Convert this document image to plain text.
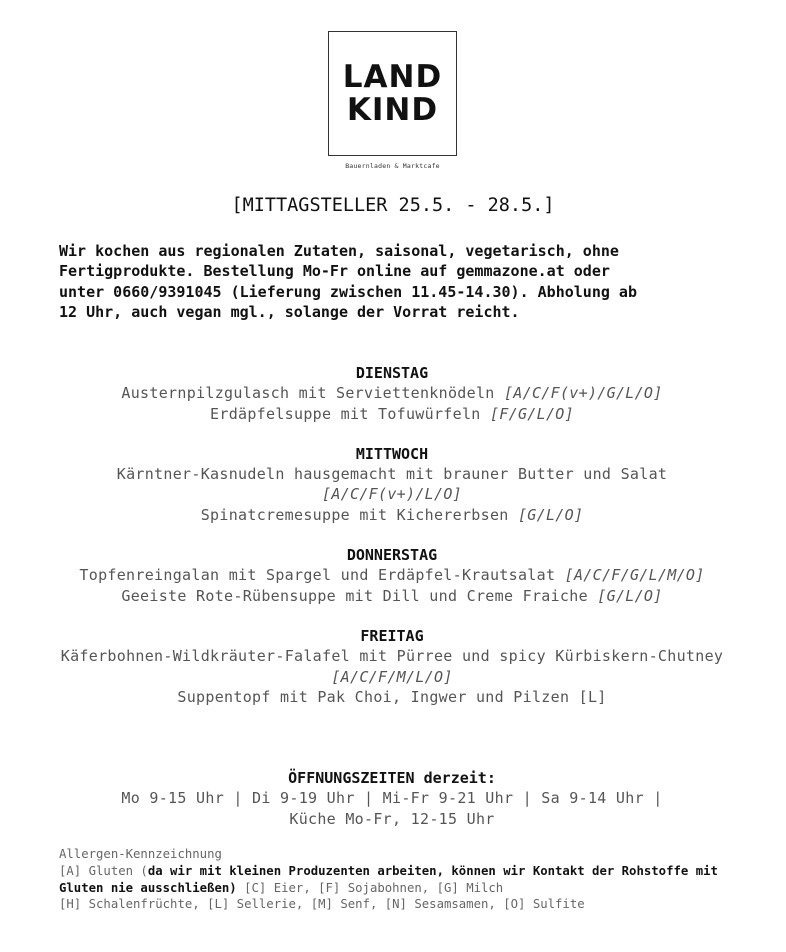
LAND
KIND
Bauernladen & Marktcafe
[MITTAGSTELLER 25.5. - 28.5.]
Wir kochen aus regionalen Zutaten, saisonal, vegetarisch, ohne
Fertigprodukte. Bestellung Mo-Fr online auf gemmazone.at oder
unter 0660/9391045 (Lieferung zwischen 11.45-14.30). Abholung ab
12 Uhr, auch vegan mgl., solange der Vorrat reicht.
DIENSTAG
Austernpilzgulasch mit Serviettenknödeln [A/C/F(v+)/G/L/O]
Erdäpfelsuppe mit Tofuwürfeln [F/G/L/O]
MITTWOCH
Kärntner-Kasnudeln hausgemacht mit brauner Butter und Salat [A/C/F(v+)/L/O]
Spinatcremesuppe mit Kichererbsen [G/L/O]
DONNERSTAG
Topfenreingalan mit Spargel und Erdäpfel-Krautsalat [A/C/F/G/L/M/O]
Geeiste Rote-Rübensuppe mit Dill und Creme Fraiche [G/L/O]
FREITAG
Käferbohnen-Wildkräuter-Falafel mit Pürree und spicy Kürbiskern-Chutney [A/C/F/M/L/O]
Suppentopf mit Pak Choi, Ingwer und Pilzen [L]
ÖFFNUNGSZEITEN derzeit:
Mo 9-15 Uhr | Di 9-19 Uhr | Mi-Fr 9-21 Uhr | Sa 9-14 Uhr |
Küche Mo-Fr, 12-15 Uhr
Allergen-Kennzeichnung
[A] Gluten (da wir mit kleinen Produzenten arbeiten, können wir Kontakt der Rohstoffe mit Gluten nie ausschließen) [C] Eier, [F] Sojabohnen, [G] Milch
[H] Schalenfrüchte, [L] Sellerie, [M] Senf, [N] Sesamsamen, [O] Sulfite
